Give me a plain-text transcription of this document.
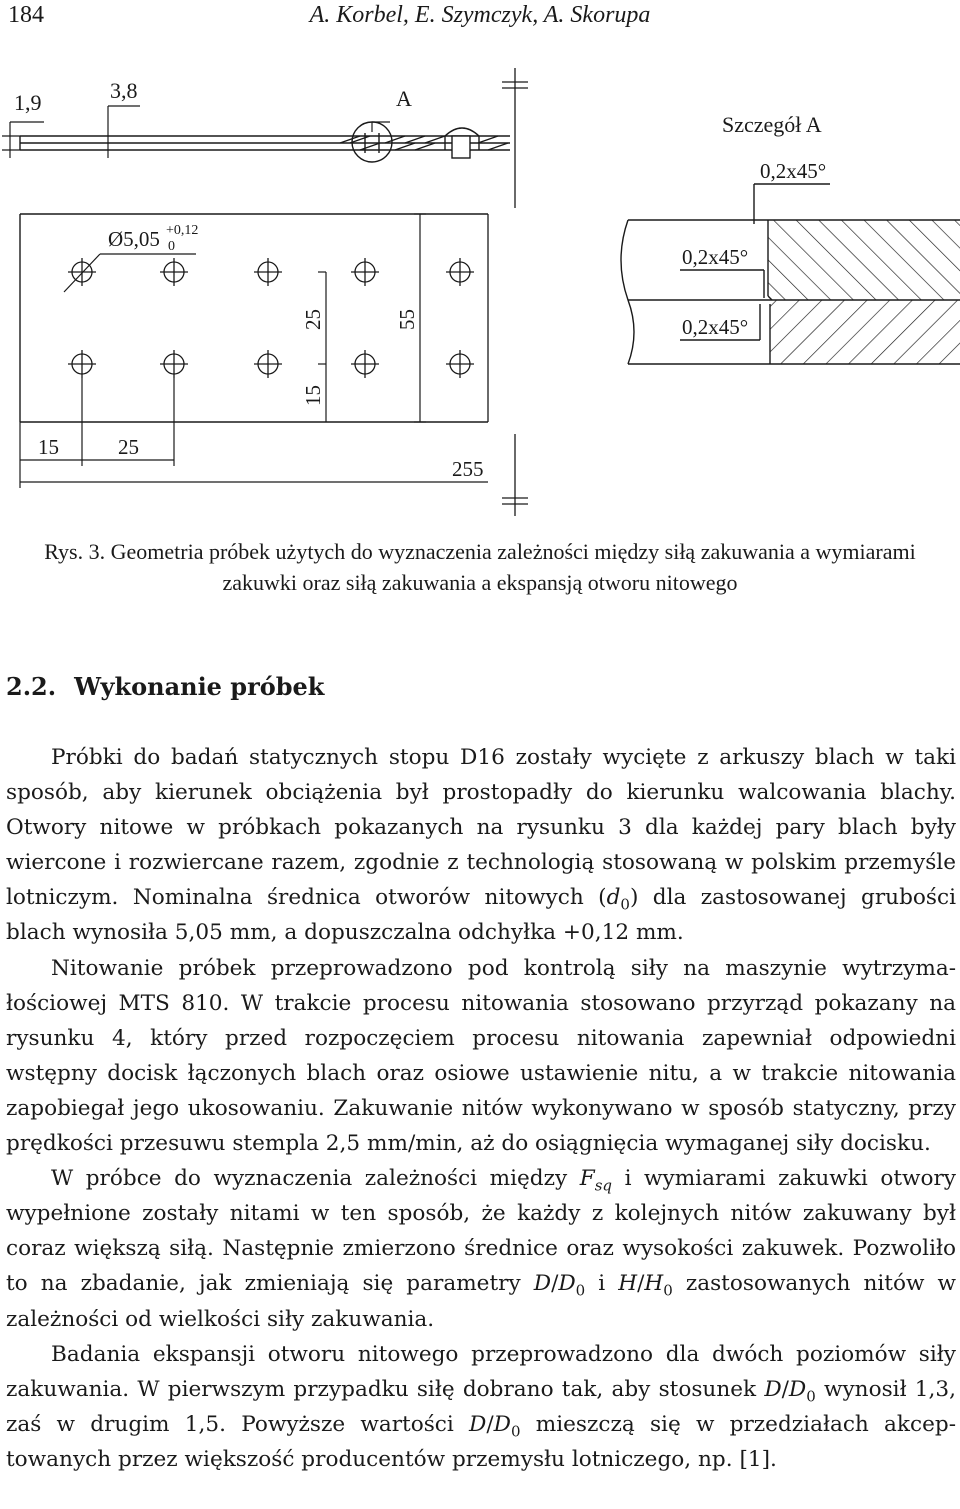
184	A. Korbel, E. Szymczyk, A. Skorupa
1,9	3,8	A
Ø5,05 +0,12
0
25	55
15
15	25
255
Szczegół A
0,2x45°
0,2x45°
0,2x45°
Rys. 3. Geometria próbek użytych do wyznaczenia zależności między siłą zakuwania a wymiarami
zakuwki oraz siłą zakuwania a ekspansją otworu nitowego
2.2. Wykonanie próbek

Próbki do badań statycznych stopu D16 zostały wycięte z arkuszy blach w taki sposób, aby kierunek obciążenia był prostopadły do kierunku walcowania blachy. Otwory nitowe w próbkach pokazanych na rysunku 3 dla każdej pary blach były wiercone i rozwiercane razem, zgodnie z technologią stosowaną w polskim przemyśle lotniczym. Nominalna średnica otworów nitowych $(d_0)$ dla zastosowanej grubości blach wynosiła 5,05 mm, a dopuszczalna odchyłka +0,12 mm.

Nitowanie próbek przeprowadzono pod kontrolą siły na maszynie wytrzymałościowej MTS 810. W trakcie procesu nitowania stosowano przyrząd pokazany na rysunku 4, który przed rozpoczęciem procesu nitowania zapewniał odpowiedni wstępny docisk łączonych blach oraz osiowe ustawienie nitu, a w trakcie nitowania zapobiegał jego ukosowaniu. Zakuwanie nitów wykonywano w sposób statyczny, przy prędkości przesuwu stempla 2,5 mm/min, aż do osiągnięcia wymaganej siły docisku.

W próbce do wyznaczenia zależności między $F_{sq}$ i wymiarami zakuwki otwory wypełnione zostały nitami w ten sposób, że każdy z kolejnych nitów zakuwany był coraz większą siłą. Następnie zmierzono średnice oraz wysokości zakuwek. Pozwoliło to na zbadanie, jak zmieniają się parametry $D/D_0$ i $H/H_0$ zastosowanych nitów w zależności od wielkości siły zakuwania.

Badania ekspansji otworu nitowego przeprowadzono dla dwóch poziomów siły zakuwania. W pierwszym przypadku siłę dobrano tak, aby stosunek $D/D_0$ wynosił 1,3, zaś w drugim 1,5. Powyższe wartości $D/D_0$ mieszczą się w przedziałach akceptowanych przez większość producentów przemysłu lotniczego, np. [1].
